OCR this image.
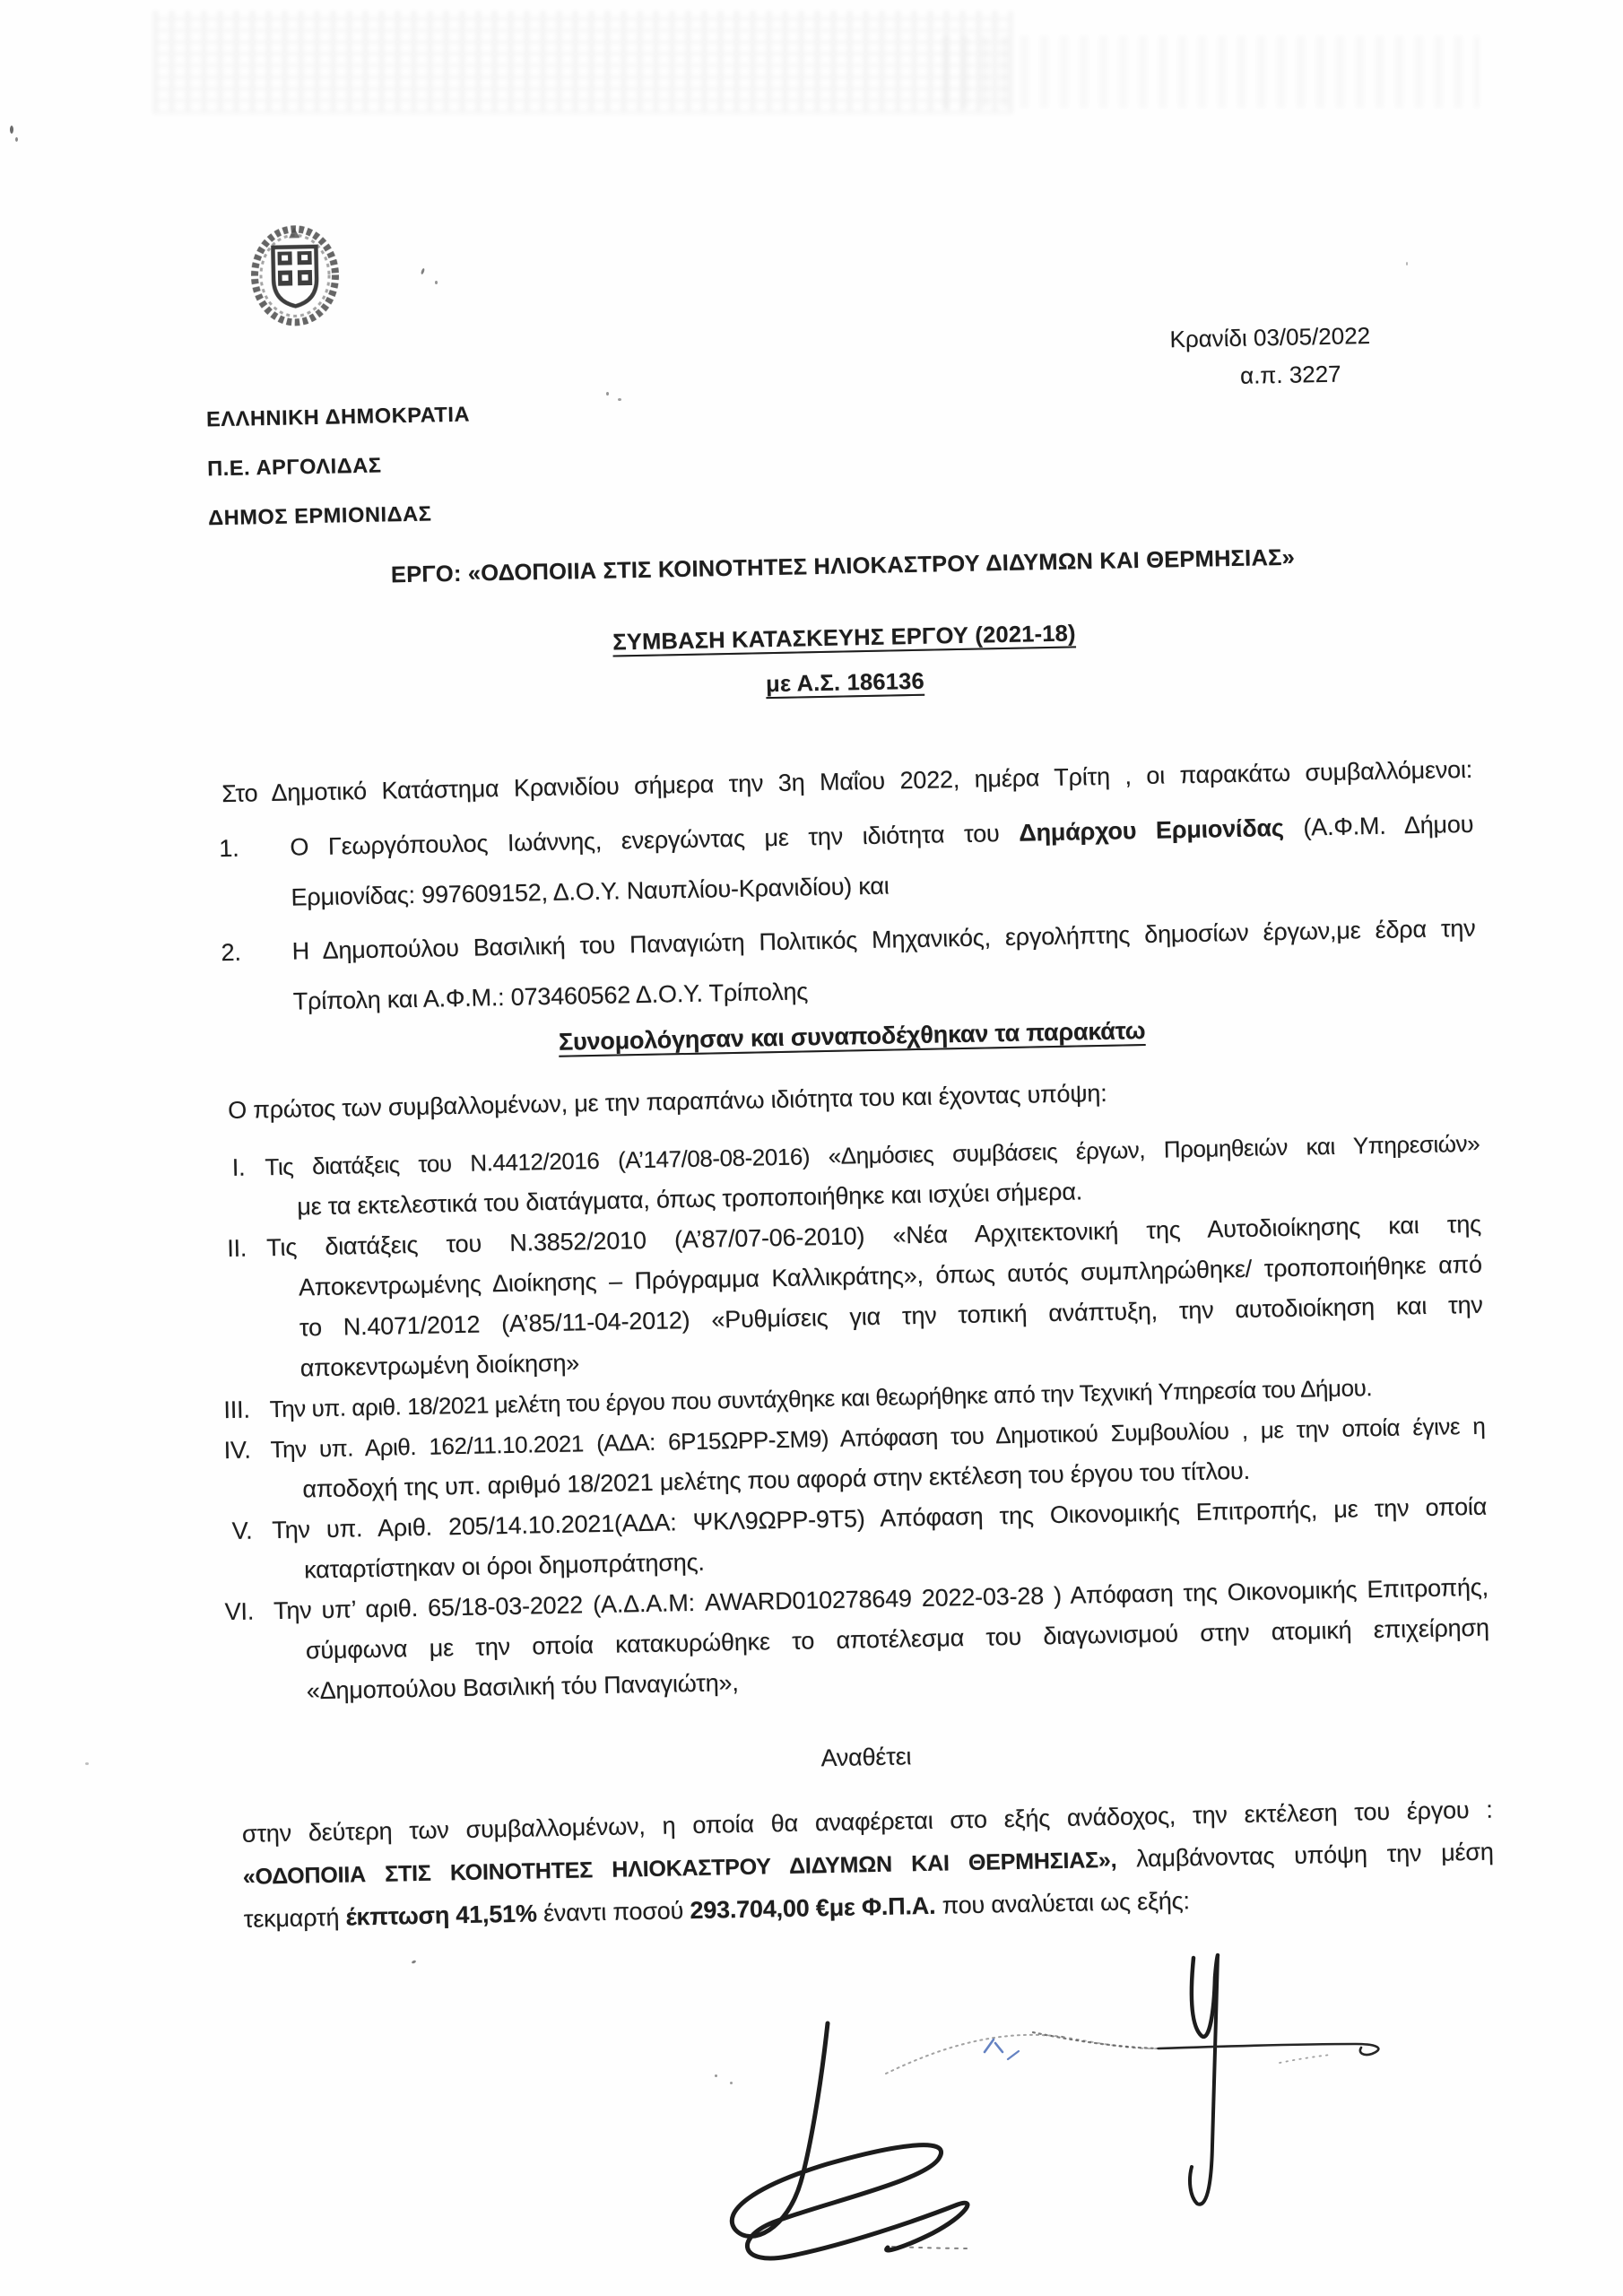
ΕΛΛΗΝΙΚΗ ΔΗΜΟΚΡΑΤΙΑ
Π.Ε. ΑΡΓΟΛΙΔΑΣ
ΔΗΜΟΣ ΕΡΜΙΟΝΙΔΑΣ
Κρανίδι 03/05/2022
α.π. 3227
ΕΡΓΟ: «ΟΔΟΠΟΙΙΑ ΣΤΙΣ ΚΟΙΝΟΤΗΤΕΣ ΗΛΙΟΚΑΣΤΡΟΥ ΔΙΔΥΜΩΝ ΚΑΙ ΘΕΡΜΗΣΙΑΣ»
ΣΥΜΒΑΣΗ ΚΑΤΑΣΚΕΥΗΣ ΕΡΓΟΥ (2021-18)
με Α.Σ. 186136
Στο Δημοτικό Κατάστημα Κρανιδίου σήμερα την 3η Μαΐου 2022, ημέρα Τρίτη , οι παρακάτω συμβαλλόμενοι:
1. Ο Γεωργόπουλος Ιωάννης, ενεργώντας με την ιδιότητα του Δημάρχου Ερμιονίδας (Α.Φ.Μ. Δήμου
Ερμιονίδας: 997609152, Δ.Ο.Υ. Ναυπλίου-Κρανιδίου) και
2. Η Δημοπούλου Βασιλική του Παναγιώτη Πολιτικός Μηχανικός, εργολήπτης δημοσίων έργων,με έδρα την
Τρίπολη και Α.Φ.Μ.: 073460562 Δ.Ο.Υ. Τρίπολης
Συνομολόγησαν και συναποδέχθηκαν τα παρακάτω
Ο πρώτος των συμβαλλομένων, με την παραπάνω ιδιότητα του και έχοντας υπόψη:
I. Τις διατάξεις του Ν.4412/2016 (Α’147/08-08-2016) «Δημόσιες συμβάσεις έργων, Προμηθειών και Υπηρεσιών»
με τα εκτελεστικά του διατάγματα, όπως τροποποιήθηκε και ισχύει σήμερα.
II. Τις διατάξεις του Ν.3852/2010 (Α’87/07-06-2010) «Νέα Αρχιτεκτονική της Αυτοδιοίκησης και της
Αποκεντρωμένης Διοίκησης – Πρόγραμμα Καλλικράτης», όπως αυτός συμπληρώθηκε/ τροποποιήθηκε από
το Ν.4071/2012 (Α’85/11-04-2012) «Ρυθμίσεις για την τοπική ανάπτυξη, την αυτοδιοίκηση και την
αποκεντρωμένη διοίκηση»
III. Την υπ. αριθ. 18/2021 μελέτη του έργου που συντάχθηκε και θεωρήθηκε από την Τεχνική Υπηρεσία του Δήμου.
IV. Την υπ. Αριθ. 162/11.10.2021 (ΑΔΑ: 6Ρ15ΩΡΡ-ΣΜ9) Απόφαση του Δημοτικού Συμβουλίου , με την οποία έγινε η
αποδοχή της υπ. αριθμό 18/2021 μελέτης που αφορά στην εκτέλεση του έργου του τίτλου.
V. Την υπ. Αριθ. 205/14.10.2021(ΑΔΑ: ΨΚΛ9ΩΡΡ-9Τ5) Απόφαση της Οικονομικής Επιτροπής, με την οποία
καταρτίστηκαν οι όροι δημοπράτησης.
VI. Την υπ’ αριθ. 65/18-03-2022 (Α.Δ.Α.Μ: AWARD010278649 2022-03-28 ) Απόφαση της Οικονομικής Επιτροπής,
σύμφωνα με την οποία κατακυρώθηκε το αποτέλεσμα του διαγωνισμού στην ατομική επιχείρηση
«Δημοπούλου Βασιλική τόυ Παναγιώτη»,
Αναθέτει
στην δεύτερη των συμβαλλομένων, η οποία θα αναφέρεται στο εξής ανάδοχος, την εκτέλεση του έργου :
«ΟΔΟΠΟΙΙΑ ΣΤΙΣ ΚΟΙΝΟΤΗΤΕΣ ΗΛΙΟΚΑΣΤΡΟΥ ΔΙΔΥΜΩΝ ΚΑΙ ΘΕΡΜΗΣΙΑΣ», λαμβάνοντας υπόψη την μέση
τεκμαρτή έκπτωση 41,51% έναντι ποσού 293.704,00 €με Φ.Π.Α. που αναλύεται ως εξής:
